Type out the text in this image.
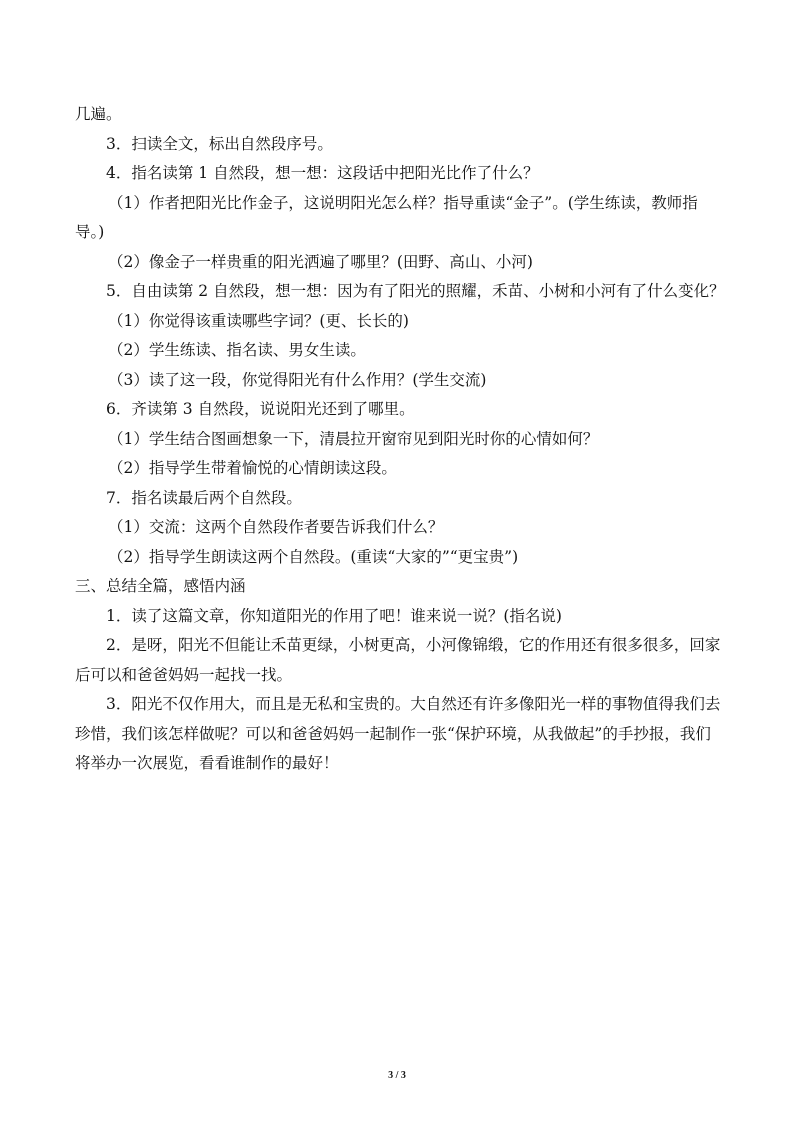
几遍。

3．扫读全文，标出自然段序号。

4．指名读第 1 自然段，想一想：这段话中把阳光比作了什么？

（1）作者把阳光比作金子，这说明阳光怎么样？指导重读“金子”。(学生练读，教师指导。)

（2）像金子一样贵重的阳光洒遍了哪里？(田野、高山、小河)

5．自由读第 2 自然段，想一想：因为有了阳光的照耀，禾苗、小树和小河有了什么变化？

（1）你觉得该重读哪些字词？(更、长长的)

（2）学生练读、指名读、男女生读。

（3）读了这一段，你觉得阳光有什么作用？(学生交流)

6．齐读第 3 自然段，说说阳光还到了哪里。

（1）学生结合图画想象一下，清晨拉开窗帘见到阳光时你的心情如何？

（2）指导学生带着愉悦的心情朗读这段。

7．指名读最后两个自然段。

（1）交流：这两个自然段作者要告诉我们什么？

（2）指导学生朗读这两个自然段。(重读“大家的”“更宝贵”)

三、总结全篇，感悟内涵

1．读了这篇文章，你知道阳光的作用了吧！谁来说一说？(指名说)

2．是呀，阳光不但能让禾苗更绿，小树更高，小河像锦缎，它的作用还有很多很多，回家后可以和爸爸妈妈一起找一找。

3．阳光不仅作用大，而且是无私和宝贵的。大自然还有许多像阳光一样的事物值得我们去珍惜，我们该怎样做呢？可以和爸爸妈妈一起制作一张“保护环境，从我做起”的手抄报，我们将举办一次展览，看看谁制作的最好！

3 / 3
